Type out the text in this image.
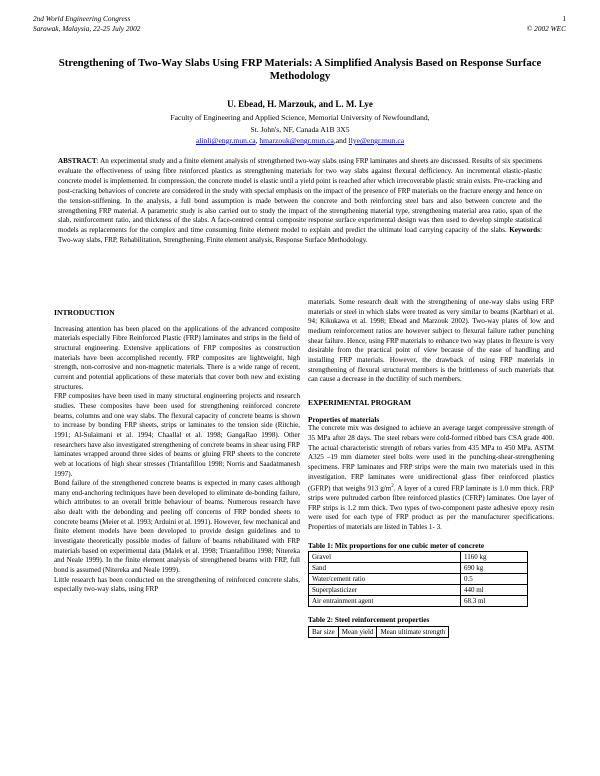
2nd World Engineering Congress
Sarawak, Malaysia, 22-25 July 2002
1
© 2002 WEC
Strengthening of Two-Way Slabs Using FRP Materials: A Simplified Analysis Based on Response Surface Methodology
U. Ebead, H. Marzouk, and L. M. Lye
Faculty of Engineering and Applied Science, Memorial University of Newfoundland,
St. John's, NF, Canada A1B 3X5
alinli@engr.mun.ca, hmarzouk@engr.mun.ca,and llye@engr.mun.ca

ABSTRACT: An experimental study and a finite element analysis of strengthened two-way slabs using FRP laminates and sheets are discussed. Results of six specimens evaluate the effectiveness of using fibre reinforced plastics as strengthening materials for two way slabs against flexural defficiency. An incremental elastic-plastic concrete model is implemented. In compression, the concrete model is elastic until a yield point is reached after which irrecoverable plastic strain exists. Pre-cracking and post-cracking behaviors of concrete are considered in the study with special emphasis on the impact of the presence of FRP materials on the fracture energy and hence on the tension-stiffening. In the analysis, a full bond assumption is made between the concrete and both reinforcing steel bars and also between concrete and the strengthening FRP material. A parametric study is also carried out to study the impact of the strengthening material type, strengthening material area ratio, span of the slab, reinforcement ratio, and thickness of the slabs. A face-centred central composite response surface experimental design was then used to develop simple statistical models as replacements for the complex and time consuming finite element model to explain and predict the ultimate load carrying capacity of the slabs. Keywords: Two-way slabs, FRP, Rehabilitation, Strengthening, Finite element analysis, Response Surface Methodology.

INTRODUCTION

Increasing attention has been placed on the applications of the advanced composite materials especially Fibre Reinforced Plastic (FRP) laminates and strips in the field of structural engineering. Extensive applications of FRP composites as construction materials have been accomplished recently. FRP composites are lightweight, high strength, non-corrosive and non-magnetic materials. There is a wide range of recent, current and potential applications of these materials that cover both new and existing structures.

FRP composites have been used in many structural engineering projects and research studies. These composites have been used for strengthening reinforced concrete beams, columns and one way slabs. The flexural capacity of concrete beams is shown to increase by bonding FRP sheets, strips or laminates to the tension side (Ritchie, 1991; Al-Sulaimani et al. 1994; Chaallal et al. 1998; GangaRao 1998). Other researchers have also investigated strengthening of concrete beams in shear using FRP laminates wrapped around three sides of beams or gluing FRP sheets to the concrete web at locations of high shear stresses (Triantafillou 1998; Norris and Saadatmanesh 1997).

Bond failure of the strengthened concrete beams is expected in many cases although many end-anchoring techniques have been developed to eliminate de-bonding failure, which attributes to an overall brittle behaviour of beams. Numerous research have also dealt with the debonding and peeling off concerns of FRP bonded sheets to concrete beams (Meier et al. 1993; Arduini et al. 1991). However, few mechanical and finite element models have been developed to provide design guidelines and to investigate theoretically possible modes of failure of beams rehabilitated with FRP materials based on experimental data (Malek et al. 1998; Triantafillou 1998; Nitereka and Neale 1999). In the finite element analysis of strengthened beams with FRP, full bond is assumed (Nitereka and Neale 1999).

Little research has been conducted on the strengthening of reinforced concrete slabs, especially two-way slabs, using FRP

materials. Some research dealt with the strengthening of one-way slabs using FRP materials or steel in which slabs were treated as very similar to beams (Karbhari et al. 94; Kikukawa et al. 1998; Ebead and Marzouk 2002). Two-way plates of low and medium reinforcement ratios are however subject to flexural failure rather punching shear failure. Hence, using FRP materials to enhance two way plates in flexure is very desirable from the practical point of view because of the ease of handling and installing FRP materials. However, the drawback of using FRP materials in strengthening of flexural structural members is the brittleness of such materials that can cause a decrease in the ductility of such members.

EXPERIMENTAL PROGRAM
Properties of materials

The concrete mix was designed to achieve an average target compressive strength of 35 MPa after 28 days. The steel rebars were cold-formed ribbed bars CSA grade 400. The actual characteristic strength of rebars varies from 435 MPa to 450 MPa. ASTM A325 –19 mm diameter steel bolts were used in the punching-shear-strengthening specimens. FRP laminates and FRP strips were the main two materials used in this investigation. FRP laminates were unidirectional glass fiber reinforced plastics (GFRP) that weighs 913 $g/m^2$. A layer of a cured FRP laminate is 1.0 mm thick. FRP strips were pultruded carbon fibre reinforced plastics (CFRP) laminates. One layer of FRP strips is 1.2 mm thick. Two types of two-component paste adhesive epoxy resin were used for each type of FRP product as per the manufacturer specifications. Properties of materials are listed in Tables 1- 3.

Table 1: Mix proportions for one cubic meter of concrete
Gravel	1160 kg
Sand	690 kg
Water/cement ratio	0.5
Superplasticizer	440 ml
Air entrainment agent	68.3 ml
Table 2: Steel reinforcement properties
Bar size	Mean yield	Mean ultimate strength
